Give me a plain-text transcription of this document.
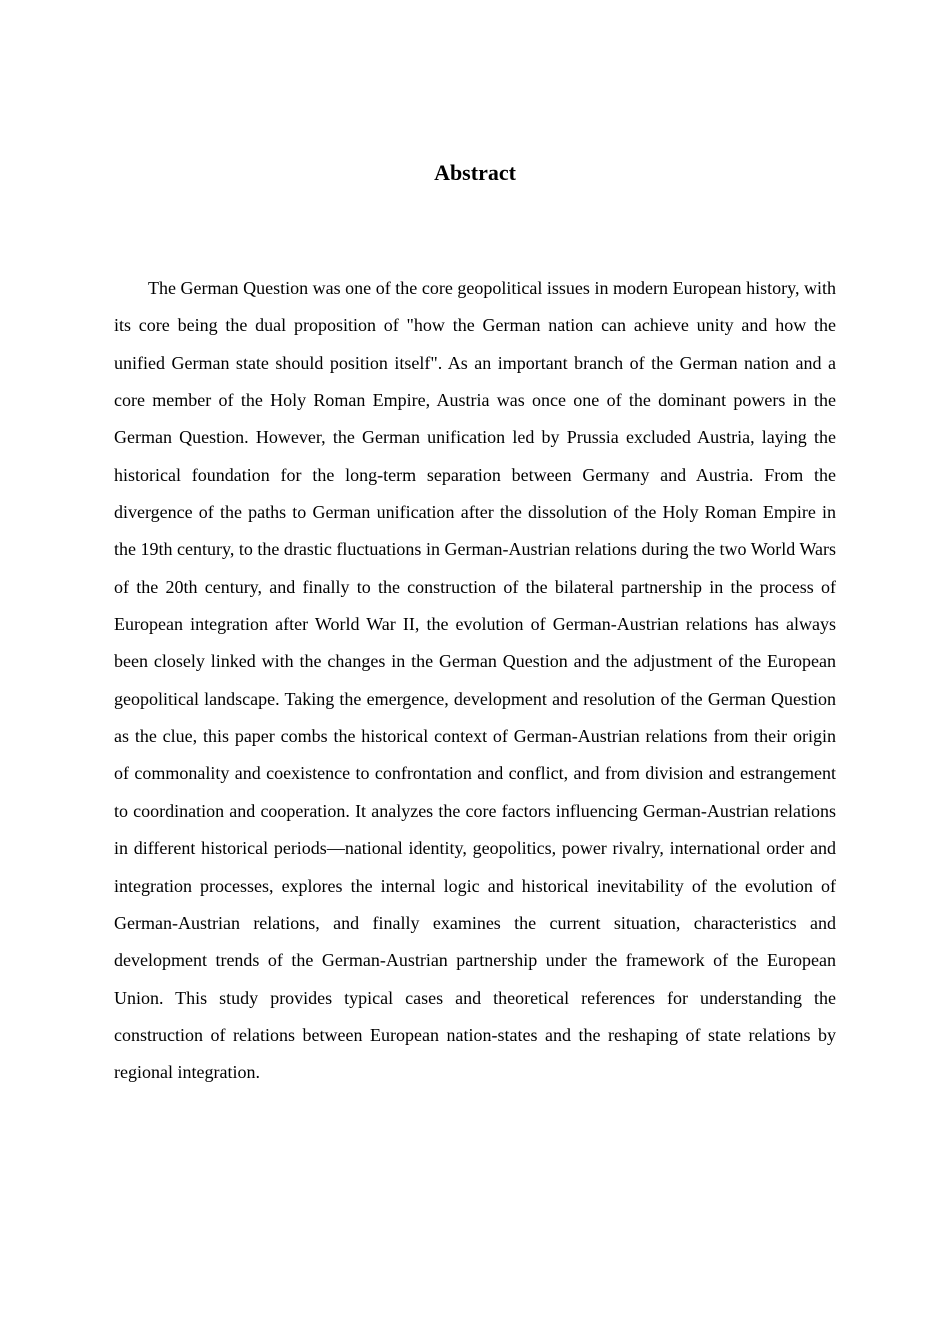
Abstract

The German Question was one of the core geopolitical issues in modern European history, with its core being the dual proposition of "how the German nation can achieve unity and how the unified German state should position itself". As an important branch of the German nation and a core member of the Holy Roman Empire, Austria was once one of the dominant powers in the German Question. However, the German unification led by Prussia excluded Austria, laying the historical foundation for the long-term separation between Germany and Austria. From the divergence of the paths to German unification after the dissolution of the Holy Roman Empire in the 19th century, to the drastic fluctuations in German-Austrian relations during the two World Wars of the 20th century, and finally to the construction of the bilateral partnership in the process of European integration after World War II, the evolution of German-Austrian relations has always been closely linked with the changes in the German Question and the adjustment of the European geopolitical landscape. Taking the emergence, development and resolution of the German Question as the clue, this paper combs the historical context of German-Austrian relations from their origin of commonality and coexistence to confrontation and conflict, and from division and estrangement to coordination and cooperation. It analyzes the core factors influencing German-Austrian relations in different historical periods—national identity, geopolitics, power rivalry, international order and integration processes, explores the internal logic and historical inevitability of the evolution of German-Austrian relations, and finally examines the current situation, characteristics and development trends of the German-Austrian partnership under the framework of the European Union. This study provides typical cases and theoretical references for understanding the construction of relations between European nation-states and the reshaping of state relations by regional integration.
